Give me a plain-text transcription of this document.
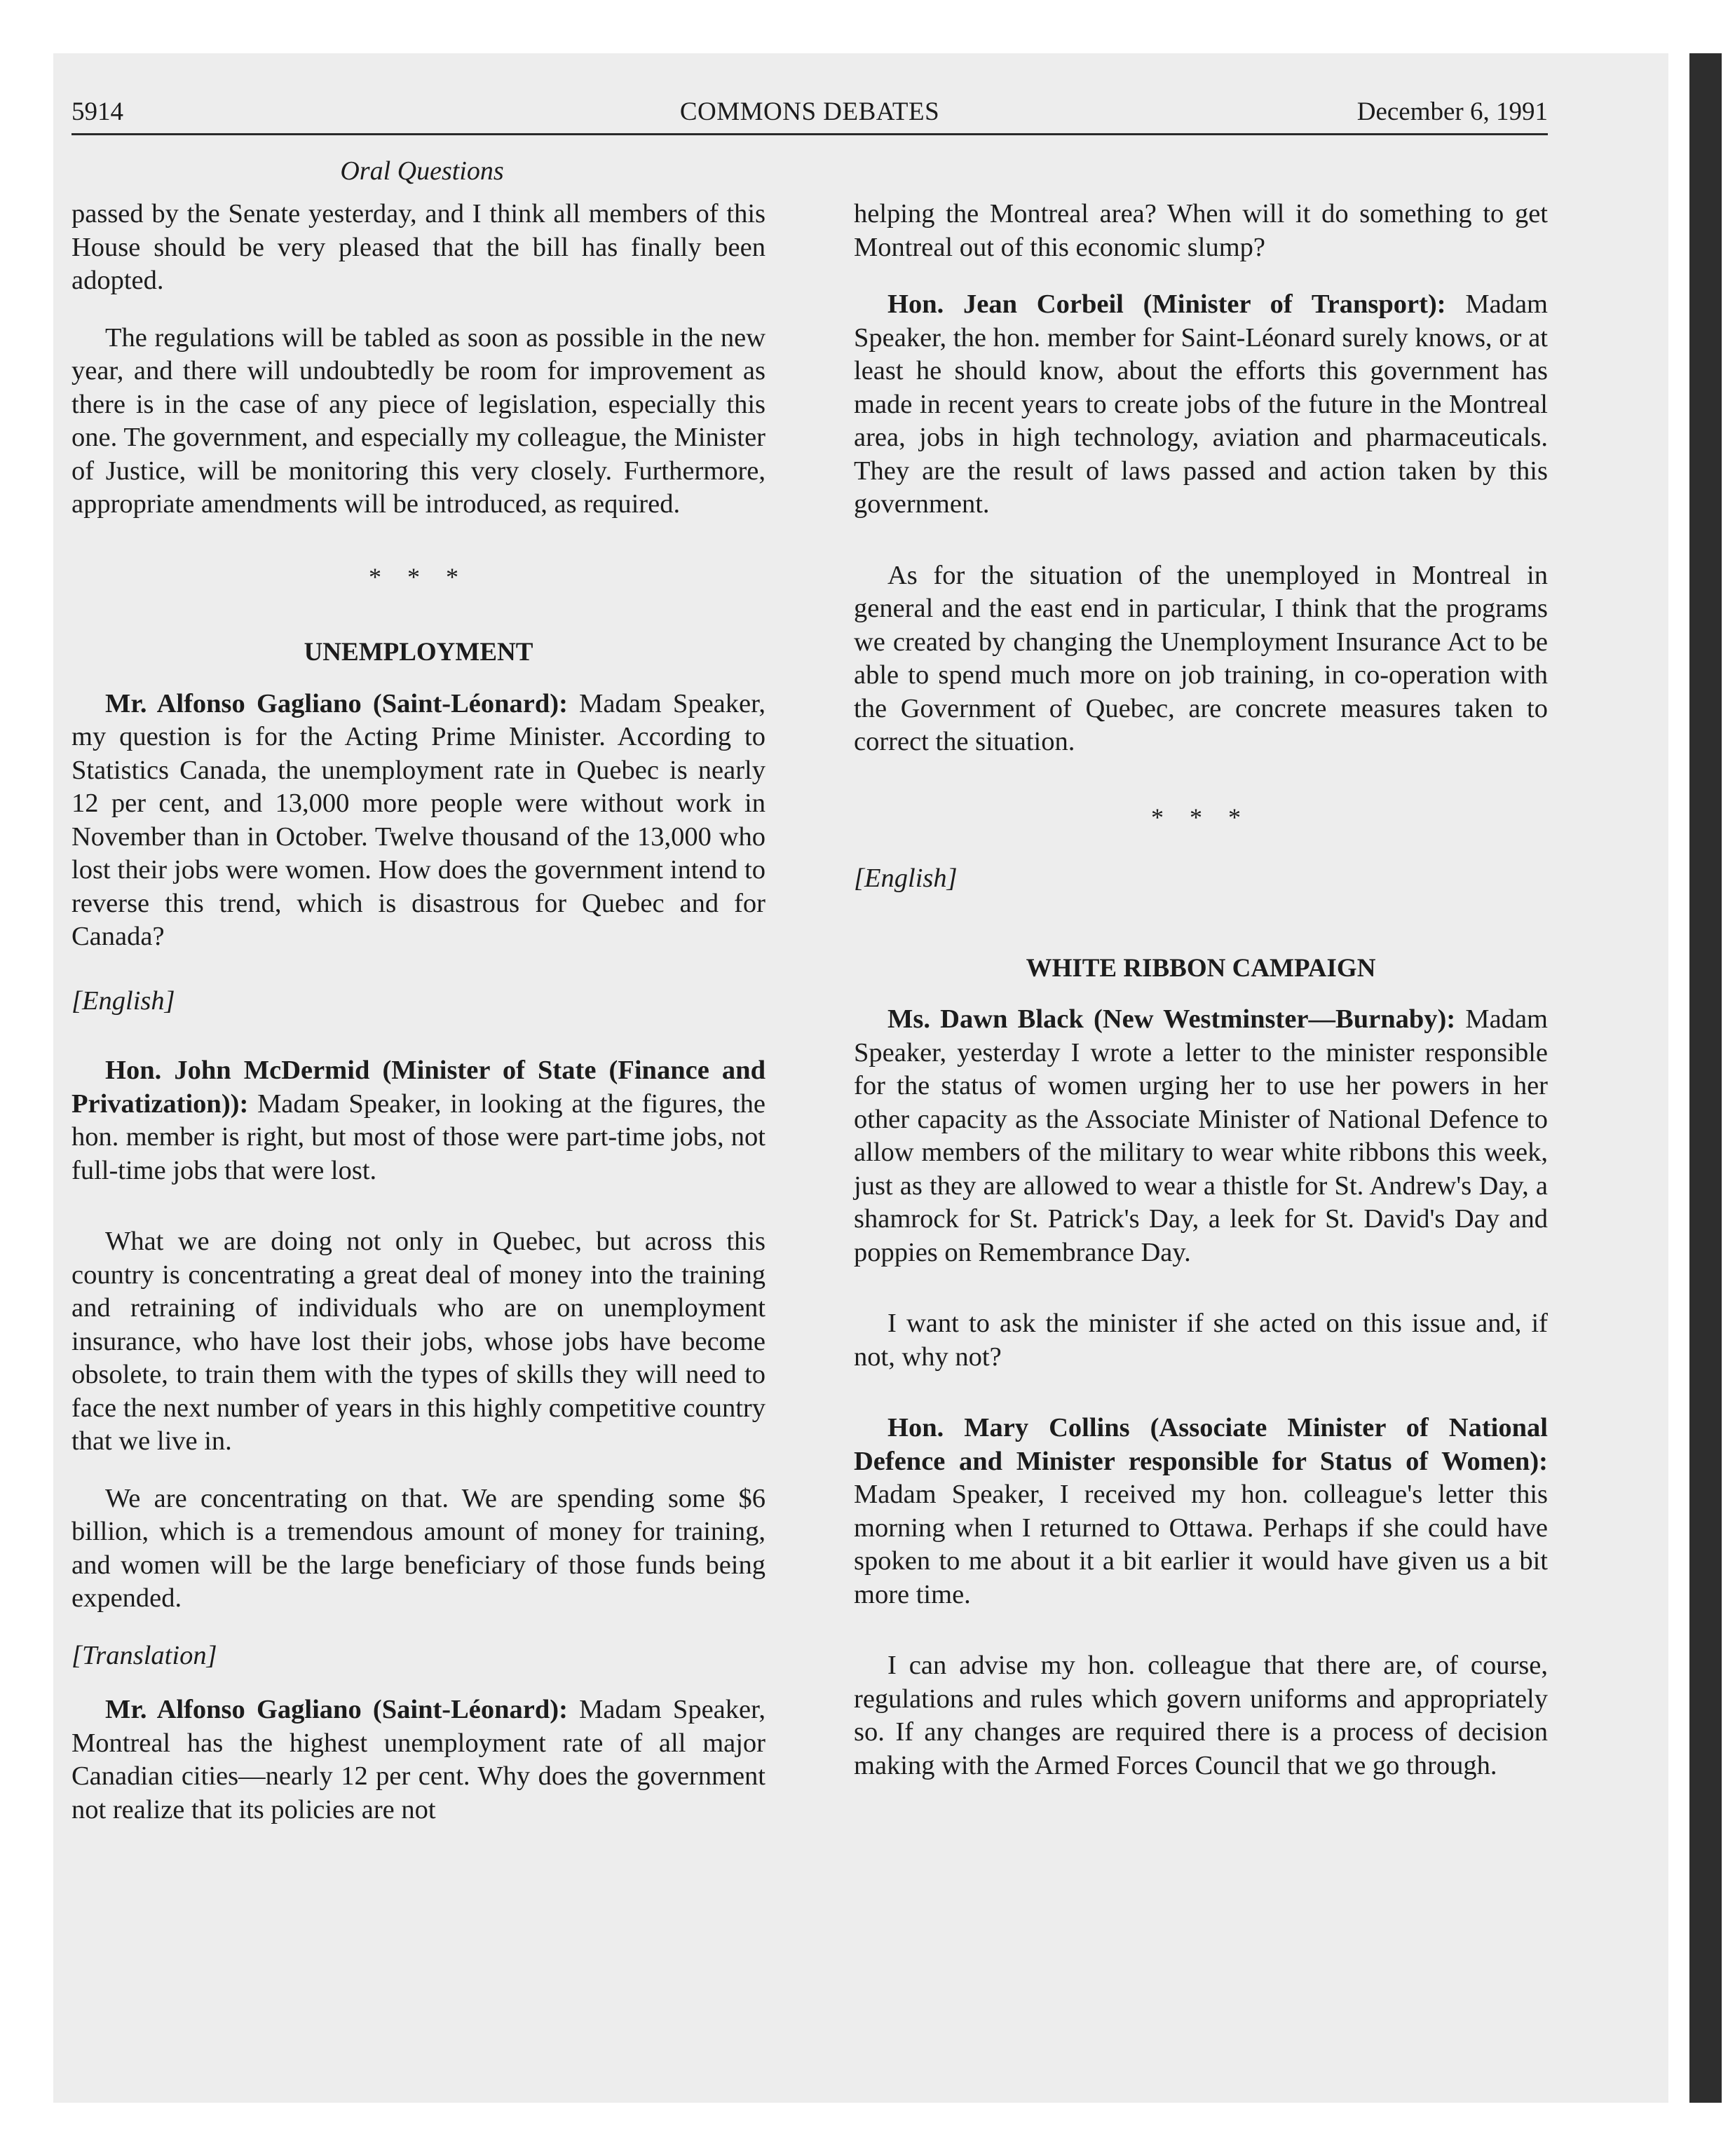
5914	COMMONS DEBATES	December 6, 1991
Oral Questions

passed by the Senate yesterday, and I think all members of this House should be very pleased that the bill has finally been adopted.

The regulations will be tabled as soon as possible in the new year, and there will undoubtedly be room for improvement as there is in the case of any piece of legislation, especially this one. The government, and especially my colleague, the Minister of Justice, will be monitoring this very closely. Furthermore, appropriate amendments will be introduced, as required.

* * *
UNEMPLOYMENT

Mr. Alfonso Gagliano (Saint-Léonard): Madam Speaker, my question is for the Acting Prime Minister. According to Statistics Canada, the unemployment rate in Quebec is nearly 12 per cent, and 13,000 more people were without work in November than in October. Twelve thousand of the 13,000 who lost their jobs were women. How does the government intend to reverse this trend, which is disastrous for Quebec and for Canada?

[English]

Hon. John McDermid (Minister of State (Finance and Privatization)): Madam Speaker, in looking at the figures, the hon. member is right, but most of those were part-time jobs, not full-time jobs that were lost.

What we are doing not only in Quebec, but across this country is concentrating a great deal of money into the training and retraining of individuals who are on unemployment insurance, who have lost their jobs, whose jobs have become obsolete, to train them with the types of skills they will need to face the next number of years in this highly competitive country that we live in.

We are concentrating on that. We are spending some $6 billion, which is a tremendous amount of money for training, and women will be the large beneficiary of those funds being expended.

[Translation]

Mr. Alfonso Gagliano (Saint-Léonard): Madam Speaker, Montreal has the highest unemployment rate of all major Canadian cities—nearly 12 per cent. Why does the government not realize that its policies are not

helping the Montreal area? When will it do something to get Montreal out of this economic slump?

Hon. Jean Corbeil (Minister of Transport): Madam Speaker, the hon. member for Saint-Léonard surely knows, or at least he should know, about the efforts this government has made in recent years to create jobs of the future in the Montreal area, jobs in high technology, aviation and pharmaceuticals. They are the result of laws passed and action taken by this government.

As for the situation of the unemployed in Montreal in general and the east end in particular, I think that the programs we created by changing the Unemployment Insurance Act to be able to spend much more on job training, in co-operation with the Government of Quebec, are concrete measures taken to correct the situation.

* * *
[English]
WHITE RIBBON CAMPAIGN

Ms. Dawn Black (New Westminster—Burnaby): Madam Speaker, yesterday I wrote a letter to the minister responsible for the status of women urging her to use her powers in her other capacity as the Associate Minister of National Defence to allow members of the military to wear white ribbons this week, just as they are allowed to wear a thistle for St. Andrew's Day, a shamrock for St. Patrick's Day, a leek for St. David's Day and poppies on Remembrance Day.

I want to ask the minister if she acted on this issue and, if not, why not?

Hon. Mary Collins (Associate Minister of National Defence and Minister responsible for Status of Women): Madam Speaker, I received my hon. colleague's letter this morning when I returned to Ottawa. Perhaps if she could have spoken to me about it a bit earlier it would have given us a bit more time.

I can advise my hon. colleague that there are, of course, regulations and rules which govern uniforms and appropriately so. If any changes are required there is a process of decision making with the Armed Forces Council that we go through.
